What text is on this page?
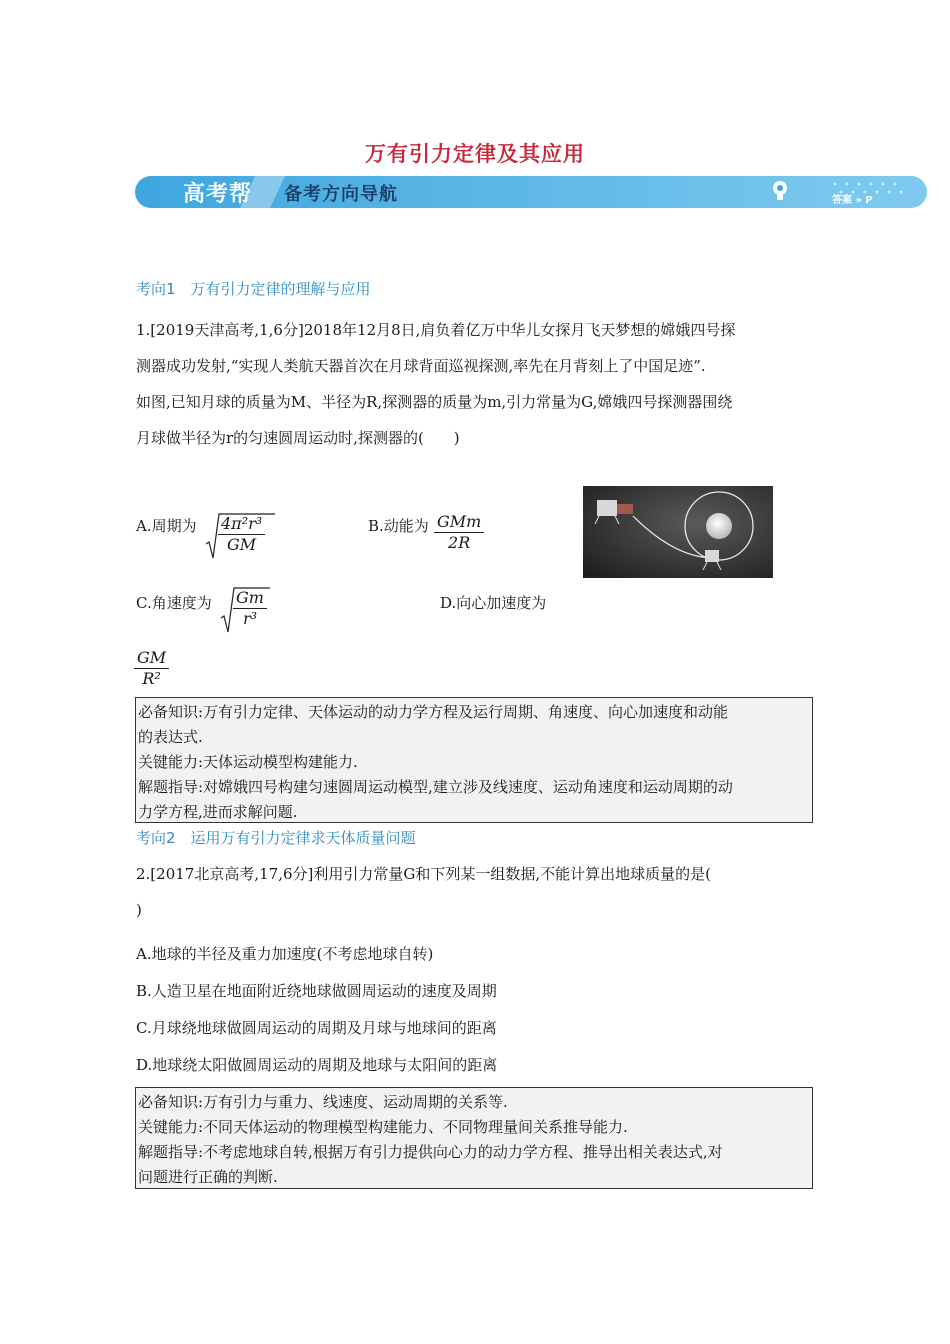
万有引力定律及其应用
高考帮 备考方向导航	答案 » P
考向1　万有引力定律的理解与应用
1.[2019天津高考,1,6分]2018年12月8日,肩负着亿万中华儿女探月飞天梦想的嫦娥四号探
测器成功发射,“实现人类航天器首次在月球背面巡视探测,率先在月背刻上了中国足迹”.
如图,已知月球的质量为M、半径为R,探测器的质量为m,引力常量为G,嫦娥四号探测器围绕
月球做半径为r的匀速圆周运动时,探测器的(　　)
A.周期为 $\frac{\text{4π²r³}}{GM}$	B.动能为 $\frac{\text{GMm}}{2R}$
C.角速度为 $\frac{Gm}{\text{r³}}$	D.向心加速度为
$\frac{GM}{\text{R²}}$
必备知识:万有引力定律、天体运动的动力学方程及运行周期、角速度、向心加速度和动能
的表达式.
关键能力:天体运动模型构建能力.
解题指导:对嫦娥四号构建匀速圆周运动模型,建立涉及线速度、运动角速度和运动周期的动
力学方程,进而求解问题.
考向2　运用万有引力定律求天体质量问题
2.[2017北京高考,17,6分]利用引力常量G和下列某一组数据,不能计算出地球质量的是(
)
A.地球的半径及重力加速度(不考虑地球自转)
B.人造卫星在地面附近绕地球做圆周运动的速度及周期
C.月球绕地球做圆周运动的周期及月球与地球间的距离
D.地球绕太阳做圆周运动的周期及地球与太阳间的距离
必备知识:万有引力与重力、线速度、运动周期的关系等.
关键能力:不同天体运动的物理模型构建能力、不同物理量间关系推导能力.
解题指导:不考虑地球自转,根据万有引力提供向心力的动力学方程、推导出相关表达式,对
问题进行正确的判断.
